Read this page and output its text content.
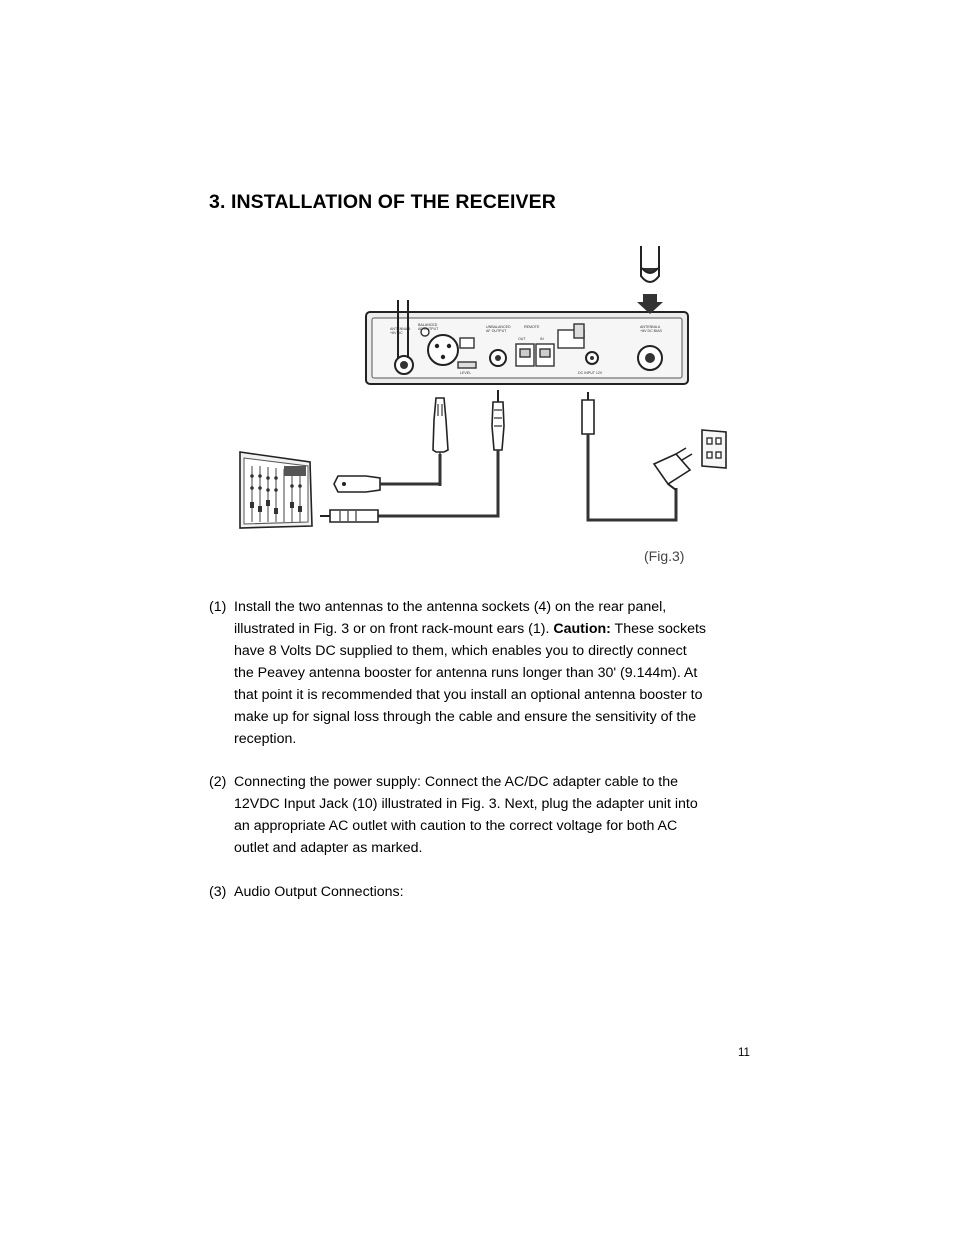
3. INSTALLATION OF THE RECEIVER
ANTENNA B +8V DC
BALANCED AF OUTPUT
UNBALANCED AF OUTPUT
REMOTE
OUT	IN
LEVEL	DC INPUT 12V
ANTENNA A +8V DC BIAS
(Fig.3)
(1) Install the two antennas to the antenna sockets (4) on the rear panel, illustrated in Fig. 3 or on front rack-mount ears (1). Caution: These sockets have 8 Volts DC supplied to them, which enables you to directly connect the Peavey antenna booster for antenna runs longer than 30' (9.144m). At that point it is recommended that you install an optional antenna booster to make up for signal loss through the cable and ensure the sensitivity of the reception.
(2) Connecting the power supply: Connect the AC/DC adapter cable to the 12VDC Input Jack (10) illustrated in Fig. 3. Next, plug the adapter unit into an appropriate AC outlet with caution to the correct voltage for both AC outlet and adapter as marked.
(3) Audio Output Connections:
11
